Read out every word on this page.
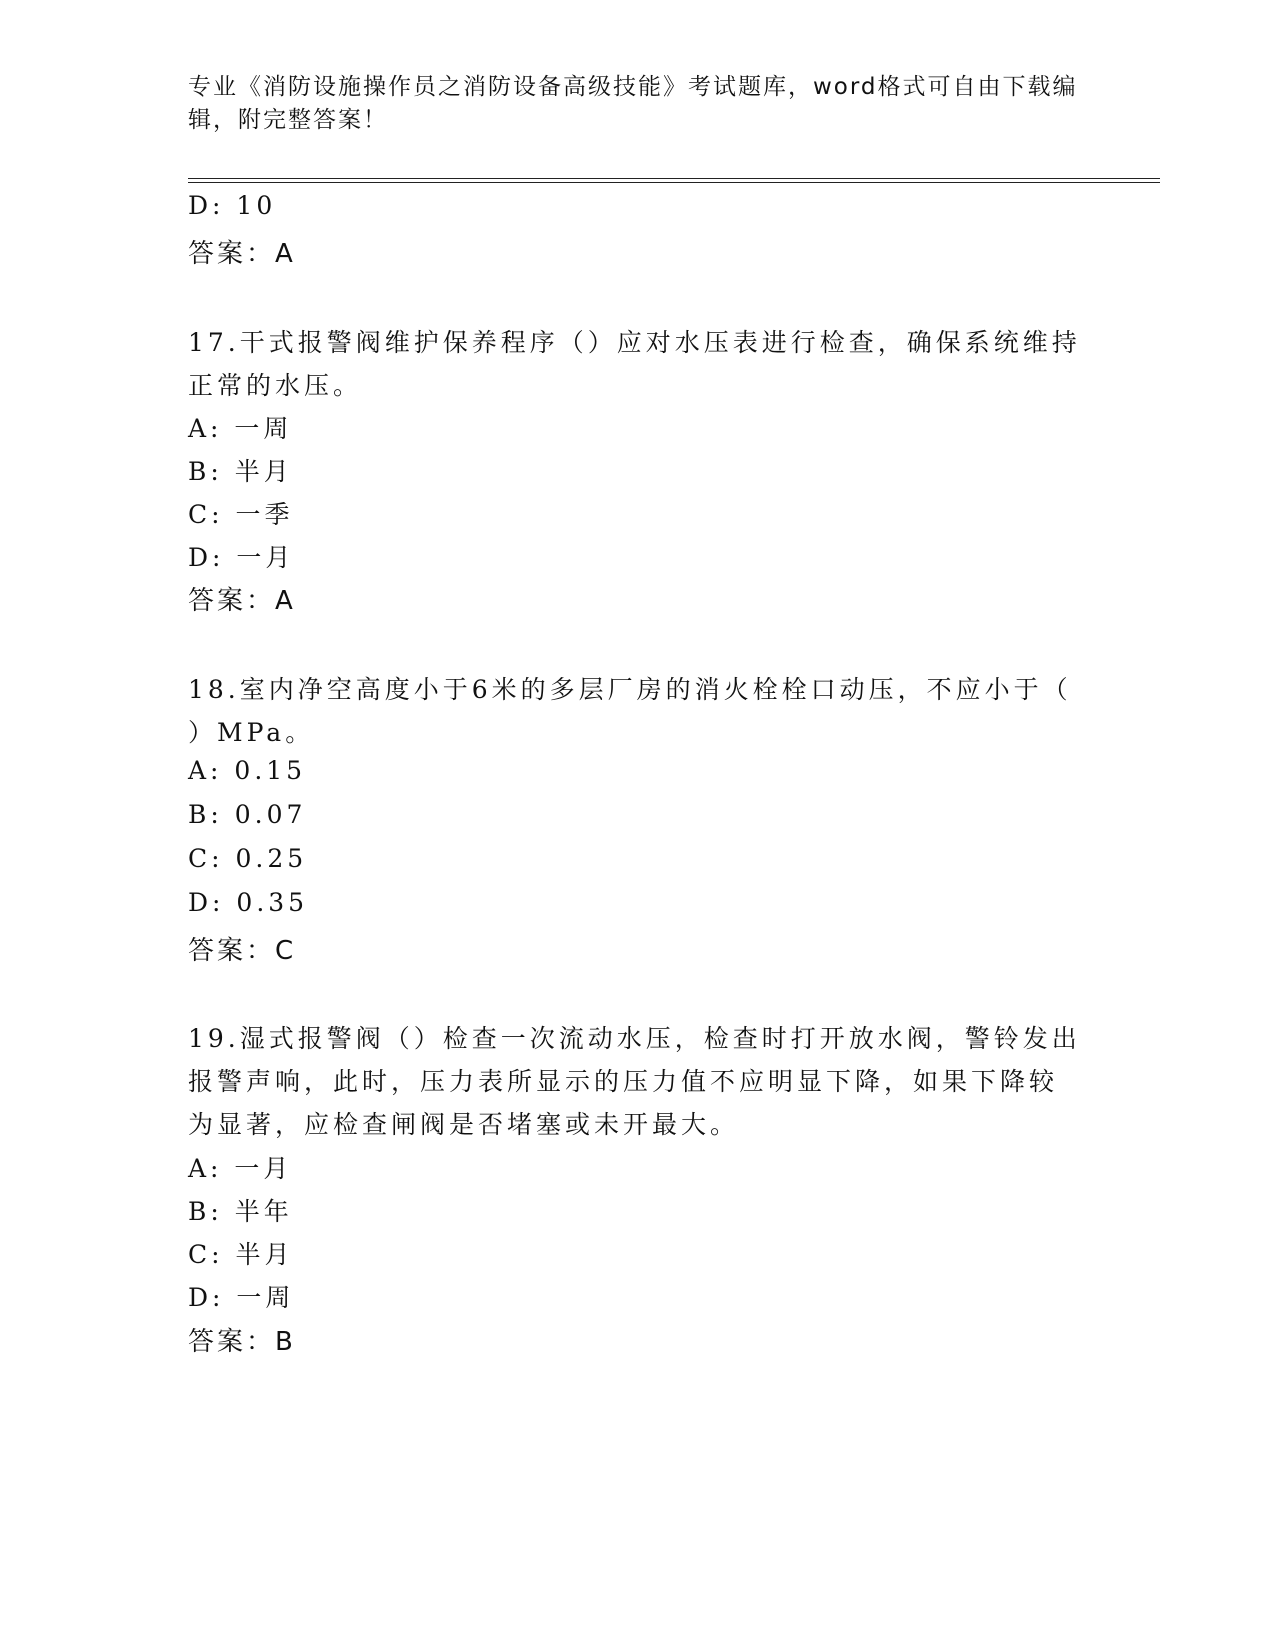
专业《消防设施操作员之消防设备高级技能》考试题库，word格式可自由下载编辑，附完整答案！
D: 10
答案：A
17.干式报警阀维护保养程序（）应对水压表进行检查，确保系统维持
正常的水压。
A: 一周
B: 半月
C: 一季
D: 一月
答案：A
18.室内净空高度小于6米的多层厂房的消火栓栓口动压，不应小于（
）MPa。
A: 0.15
B: 0.07
C: 0.25
D: 0.35
答案：C
19.湿式报警阀（）检查一次流动水压，检查时打开放水阀，警铃发出
报警声响，此时，压力表所显示的压力值不应明显下降，如果下降较
为显著，应检查闸阀是否堵塞或未开最大。
A: 一月
B: 半年
C: 半月
D: 一周
答案：B
